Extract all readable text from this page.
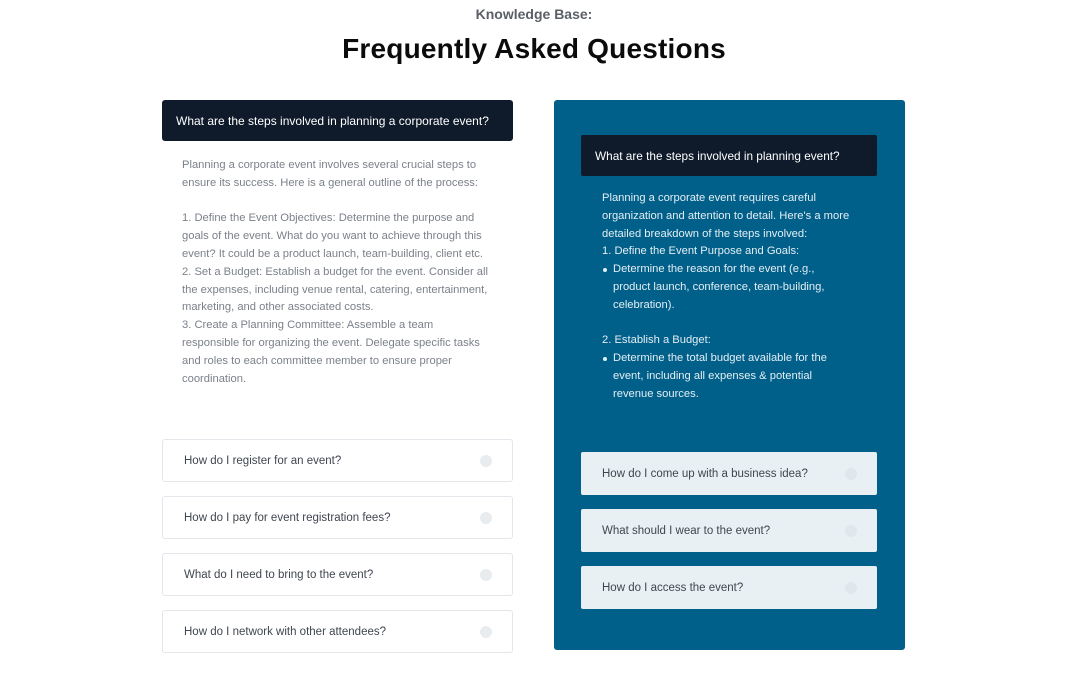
Knowledge Base:
Frequently Asked Questions
What are the steps involved in planning a corporate event?

Planning a corporate event involves several crucial steps to ensure its success. Here is a general outline of the process:

1. Define the Event Objectives: Determine the purpose and goals of the event. What do you want to achieve through this event? It could be a product launch, team-building, client etc.

2. Set a Budget: Establish a budget for the event. Consider all the expenses, including venue rental, catering, entertainment, marketing, and other associated costs.

3. Create a Planning Committee: Assemble a team responsible for organizing the event. Delegate specific tasks and roles to each committee member to ensure proper coordination.

How do I register for an event?
How do I pay for event registration fees?
What do I need to bring to the event?
How do I network with other attendees?
What are the steps involved in planning event?

Planning a corporate event requires careful organization and attention to detail. Here's a more detailed breakdown of the steps involved:

1. Define the Event Purpose and Goals:

Determine the reason for the event (e.g., product launch, conference, team-building, celebration).

2. Establish a Budget:

Determine the total budget available for the event, including all expenses & potential revenue sources.
How do I come up with a business idea?
What should I wear to the event?
How do I access the event?
